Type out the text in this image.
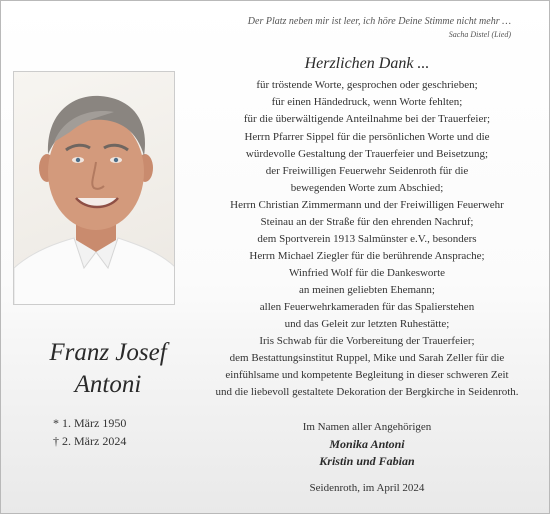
Der Platz neben mir ist leer, ich höre Deine Stimme nicht mehr …
Sacha Distel (Lied)
Franz Josef
Antoni
* 1. März 1950
† 2. März 2024
Herzlichen Dank ...
für tröstende Worte, gesprochen oder geschrieben;
für einen Händedruck, wenn Worte fehlten;
für die überwältigende Anteilnahme bei der Trauerfeier;
Herrn Pfarrer Sippel für die persönlichen Worte und die
würdevolle Gestaltung der Trauerfeier und Beisetzung;
der Freiwilligen Feuerwehr Seidenroth für die
bewegenden Worte zum Abschied;
Herrn Christian Zimmermann und der Freiwilligen Feuerwehr
Steinau an der Straße für den ehrenden Nachruf;
dem Sportverein 1913 Salmünster e.V., besonders
Herrn Michael Ziegler für die berührende Ansprache;
Winfried Wolf für die Dankesworte
an meinen geliebten Ehemann;
allen Feuerwehrkameraden für das Spalierstehen
und das Geleit zur letzten Ruhestätte;
Iris Schwab für die Vorbereitung der Trauerfeier;
dem Bestattungsinstitut Ruppel, Mike und Sarah Zeller für die
einfühlsame und kompetente Begleitung in dieser schweren Zeit
und die liebevoll gestaltete Dekoration der Bergkirche in Seidenroth.
Im Namen aller Angehörigen
Monika Antoni
Kristin und Fabian
Seidenroth, im April 2024
